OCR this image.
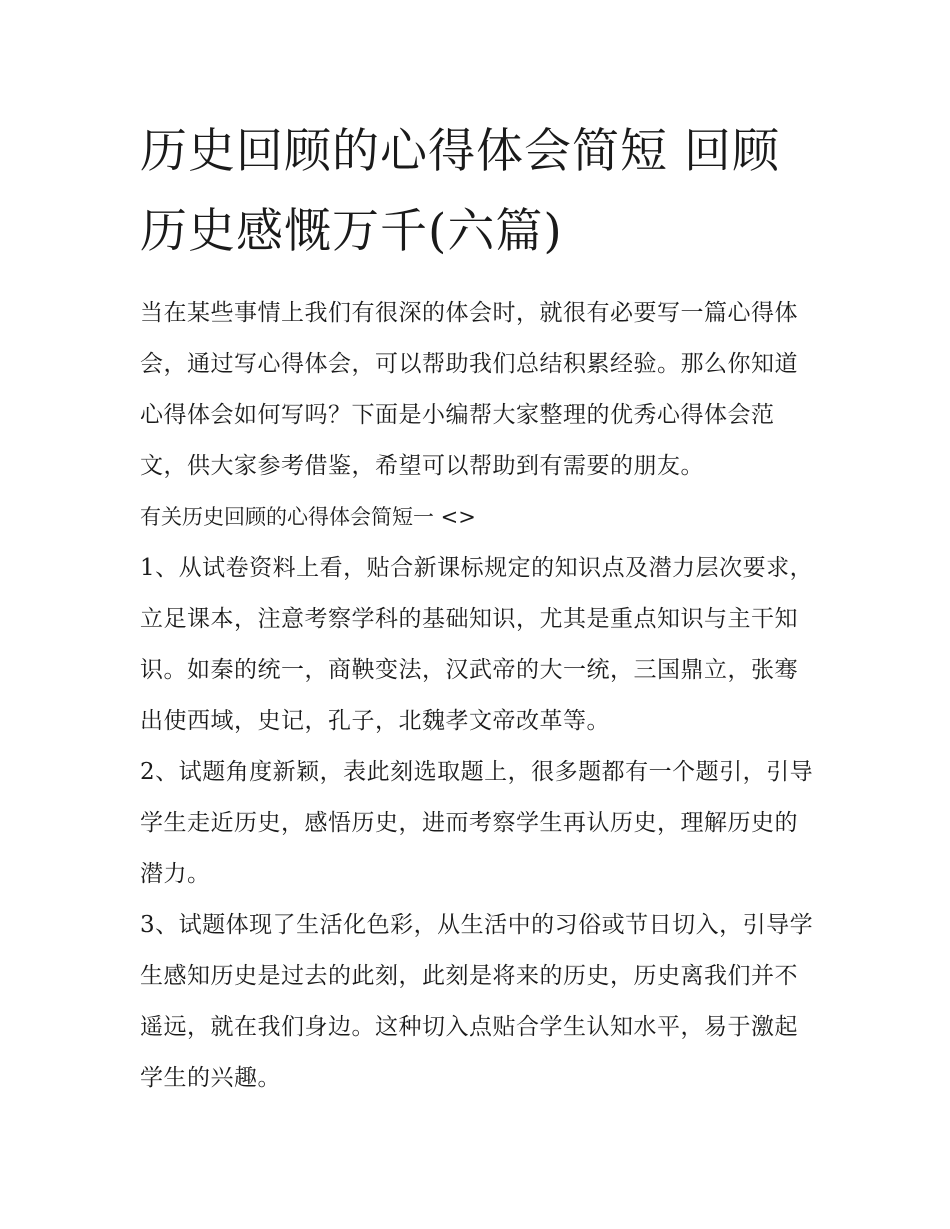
历史回顾的心得体会简短 回顾历史感慨万千(六篇)

当在某些事情上我们有很深的体会时，就很有必要写一篇心得体会，通过写心得体会，可以帮助我们总结积累经验。那么你知道心得体会如何写吗？下面是小编帮大家整理的优秀心得体会范文，供大家参考借鉴，希望可以帮助到有需要的朋友。

有关历史回顾的心得体会简短一 <>

1、从试卷资料上看，贴合新课标规定的知识点及潜力层次要求，立足课本，注意考察学科的基础知识，尤其是重点知识与主干知识。如秦的统一，商鞅变法，汉武帝的大一统，三国鼎立，张骞出使西域，史记，孔子，北魏孝文帝改革等。

2、试题角度新颖，表此刻选取题上，很多题都有一个题引，引导学生走近历史，感悟历史，进而考察学生再认历史，理解历史的潜力。

3、试题体现了生活化色彩，从生活中的习俗或节日切入，引导学生感知历史是过去的此刻，此刻是将来的历史，历史离我们并不遥远，就在我们身边。这种切入点贴合学生认知水平，易于激起学生的兴趣。
